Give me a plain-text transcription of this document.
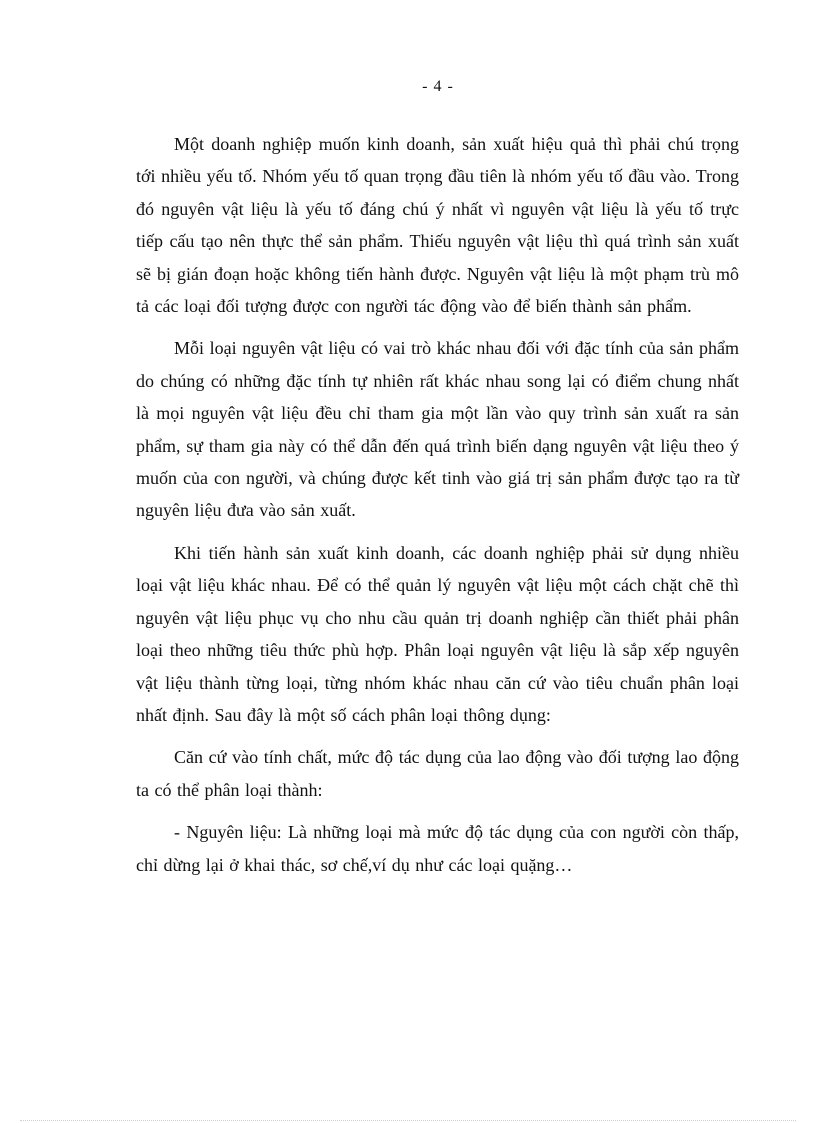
- 4 -

Một doanh nghiệp muốn kinh doanh, sản xuất hiệu quả thì phải chú trọng tới nhiều yếu tố. Nhóm yếu tố quan trọng đầu tiên là nhóm yếu tố đầu vào. Trong đó nguyên vật liệu là yếu tố đáng chú ý nhất vì nguyên vật liệu là yếu tố trực tiếp cấu tạo nên thực thể sản phẩm. Thiếu nguyên vật liệu thì quá trình sản xuất sẽ bị gián đoạn hoặc không tiến hành được. Nguyên vật liệu là một phạm trù mô tả các loại đối tượng được con người tác động vào để biến thành sản phẩm.

Mỗi loại nguyên vật liệu có vai trò khác nhau đối với đặc tính của sản phẩm do chúng có những đặc tính tự nhiên rất khác nhau song lại có điểm chung nhất là mọi nguyên vật liệu đều chỉ tham gia một lần vào quy trình sản xuất ra sản phẩm, sự tham gia này có thể dẫn đến quá trình biến dạng nguyên vật liệu theo ý muốn của con người, và chúng được kết tinh vào giá trị sản phẩm được tạo ra từ nguyên liệu đưa vào sản xuất.

Khi tiến hành sản xuất kinh doanh, các doanh nghiệp phải sử dụng nhiều loại vật liệu khác nhau. Để có thể quản lý nguyên vật liệu một cách chặt chẽ thì nguyên vật liệu phục vụ cho nhu cầu quản trị doanh nghiệp cần thiết phải phân loại theo những tiêu thức phù hợp. Phân loại nguyên vật liệu là sắp xếp nguyên vật liệu thành từng loại, từng nhóm khác nhau căn cứ vào tiêu chuẩn phân loại nhất định. Sau đây là một số cách phân loại thông dụng:

Căn cứ vào tính chất, mức độ tác dụng của lao động vào đối tượng lao động ta có thể phân loại thành:

- Nguyên liệu: Là những loại mà mức độ tác dụng của con người còn thấp, chỉ dừng lại ở khai thác, sơ chế,ví dụ như các loại quặng…
